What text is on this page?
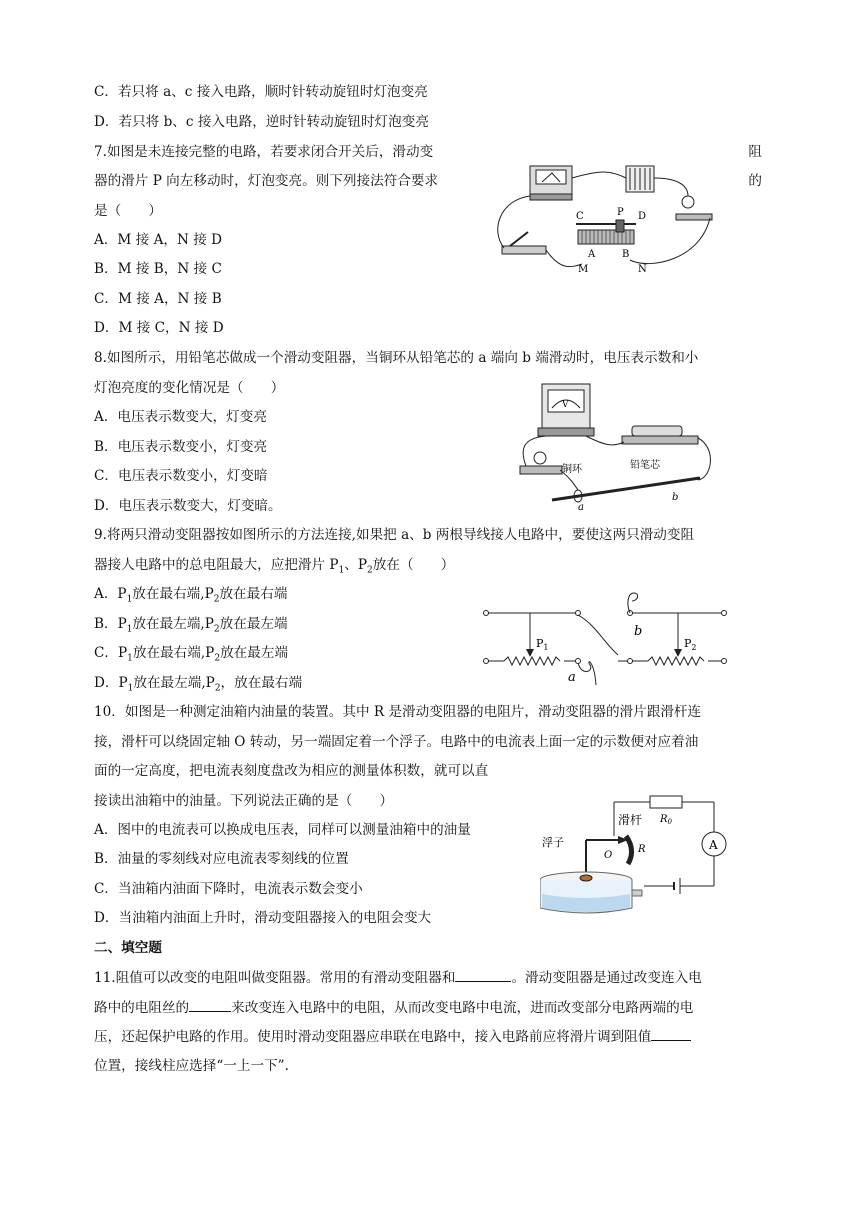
C．若只将 a、c 接入电路，顺时针转动旋钮时灯泡变亮
D．若只将 b、c 接入电路，逆时针转动旋钮时灯泡变亮
7.如图是未连接完整的电路，若要求闭合开关后，滑动变	阻
器的滑片 P 向左移动时，灯泡变亮。则下列接法符合要求	的
是（　　）
A．M 接 A，N 接 D
B．M 接 B，N 接 C
C．M 接 A，N 接 B
D．M 接 C，N 接 D
C	P D
A	B
M	N
8.如图所示，用铅笔芯做成一个滑动变阻器，当铜环从铅笔芯的 a 端向 b 端滑动时，电压表示数和小
灯泡亮度的变化情况是（　　）
A．电压表示数变大，灯变亮
B．电压表示数变小，灯变亮
C．电压表示数变小，灯变暗
D．电压表示数变大，灯变暗。
V
铜环	铅笔芯
a
b
9.将两只滑动变阻器按如图所示的方法连接,如果把 a、b 两根导线接人电路中，要使这两只滑动变阻
器接人电路中的总电阻最大，应把滑片 $P_1$、$P_2$放在（　　）
A．$P_1$放在最右端$,P_2$放在最右端
B．$P_1$放在最左端$,P_2$放在最左端
C．$P_1$放在最右端$,P_2$放在最左端
D．$P_1$放在最左端$,P_2$，放在最右端
$P_1$	$P_2$
a
b
10．如图是一种测定油箱内油量的装置。其中 R 是滑动变阻器的电阻片，滑动变阻器的滑片跟滑杆连
接，滑杆可以绕固定轴 O 转动，另一端固定着一个浮子。电路中的电流表上面一定的示数便对应着油
面的一定高度，把电流表刻度盘改为相应的测量体积数，就可以直
接读出油箱中的油量。下列说法正确的是（　　）
A．图中的电流表可以换成电压表，同样可以测量油箱中的油量
B．油量的零刻线对应电流表零刻线的位置
C．当油箱内油面下降时，电流表示数会变小
D．当油箱内油面上升时，滑动变阻器接入的电阻会变大
A
R
浮子
滑杆
O
$R_0$
二、填空题
11.阻值可以改变的电阻叫做变阻器。常用的有滑动变阻器和	。滑动变阻器是通过改变连入电
路中的电阻丝的	来改变连入电路中的电阻，从而改变电路中电流，进而改变部分电路两端的电
压，还起保护电路的作用。使用时滑动变阻器应串联在电路中，接入电路前应将滑片调到阻值
位置，接线柱应选择“一上一下”.
